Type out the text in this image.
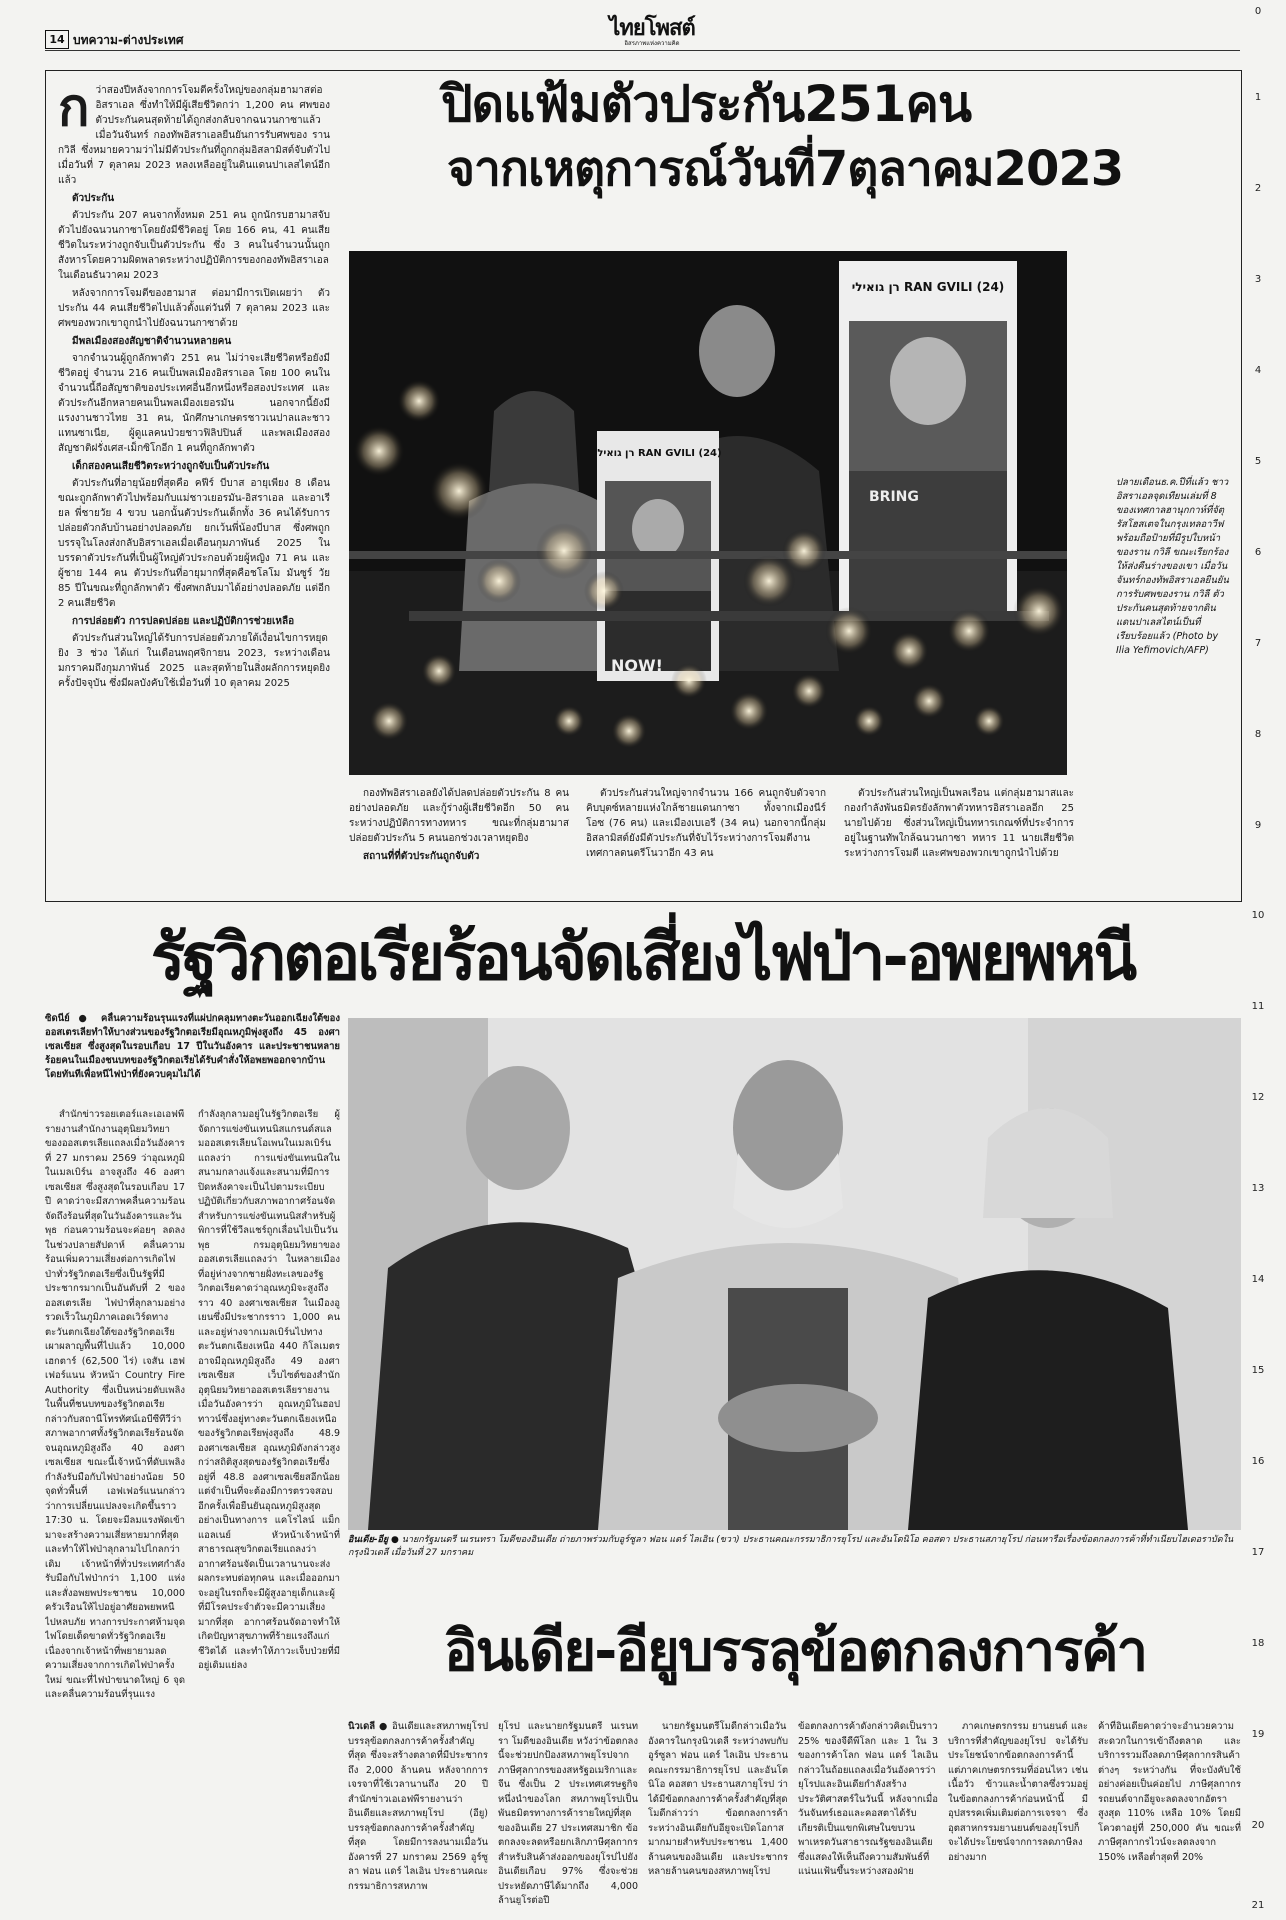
14 บทความ-ต่างประเทศ	ไทยโพสต์
อิสรภาพแห่งความคิด
0
1
2
3
4
5
6
7
8
9
10
11
12
13
14
15
16
17
18
19
20
21

ก ว่าสองปีหลังจากการโจมตีครั้งใหญ่ของกลุ่มฮามาสต่ออิสราเอล ซึ่งทำให้มีผู้เสียชีวิตกว่า 1,200 คน ศพของตัวประกันคนสุดท้ายได้ถูกส่งกลับจากฉนวนกาซาแล้ว เมื่อวันจันทร์ กองทัพอิสราเอลยืนยันการรับศพของ ราน กวิลี ซึ่งหมายความว่าไม่มีตัวประกันที่ถูกกลุ่มอิสลามิสต์จับตัวไปเมื่อวันที่ 7 ตุลาคม 2023 หลงเหลืออยู่ในดินแดนปาเลสไตน์อีกแล้ว

ตัวประกัน

ตัวประกัน 207 คนจากทั้งหมด 251 คน ถูกนักรบฮามาสจับตัวไปยังฉนวนกาซาโดยยังมีชีวิตอยู่ โดย 166 คน, 41 คนเสียชีวิตในระหว่างถูกจับเป็นตัวประกัน ซึ่ง 3 คนในจำนวนนั้นถูกสังหารโดยความผิดพลาดระหว่างปฏิบัติการของกองทัพอิสราเอลในเดือนธันวาคม 2023

หลังจากการโจมตีของฮามาส ต่อมามีการเปิดเผยว่า ตัวประกัน 44 คนเสียชีวิตไปแล้วตั้งแต่วันที่ 7 ตุลาคม 2023 และศพของพวกเขาถูกนำไปยังฉนวนกาซาด้วย

มีพลเมืองสองสัญชาติจำนวนหลายคน

จากจำนวนผู้ถูกลักพาตัว 251 คน ไม่ว่าจะเสียชีวิตหรือยังมีชีวิตอยู่ จำนวน 216 คนเป็นพลเมืองอิสราเอล โดย 100 คนในจำนวนนี้ถือสัญชาติของประเทศอื่นอีกหนึ่งหรือสองประเทศ และตัวประกันอีกหลายคนเป็นพลเมืองเยอรมัน นอกจากนี้ยังมีแรงงานชาวไทย 31 คน, นักศึกษาเกษตรชาวเนปาลและชาวแทนซาเนีย, ผู้ดูแลคนป่วยชาวฟิลิปปินส์ และพลเมืองสองสัญชาติฝรั่งเศส-เม็กซิโกอีก 1 คนที่ถูกลักพาตัว

เด็กสองคนเสียชีวิตระหว่างถูกจับเป็นตัวประกัน

ตัวประกันที่อายุน้อยที่สุดคือ คฟีร์ บีบาส อายุเพียง 8 เดือน ขณะถูกลักพาตัวไปพร้อมกับแม่ชาวเยอรมัน-อิสราเอล และอาเรียล พี่ชายวัย 4 ขวบ นอกนั้นตัวประกันเด็กทั้ง 36 คนได้รับการปล่อยตัวกลับบ้านอย่างปลอดภัย ยกเว้นพี่น้องบีบาส ซึ่งศพถูกบรรจุในโลงส่งกลับอิสราเอลเมื่อเดือนกุมภาพันธ์ 2025 ในบรรดาตัวประกันที่เป็นผู้ใหญ่ตัวประกอบด้วยผู้หญิง 71 คน และผู้ชาย 144 คน ตัวประกันที่อายุมากที่สุดคือชโลโม มันซูร์ วัย 85 ปีในขณะที่ถูกลักพาตัว ซึ่งศพกลับมาได้อย่างปลอดภัย แต่อีก 2 คนเสียชีวิต

การปล่อยตัว การปลดปล่อย และปฏิบัติการช่วยเหลือ

ตัวประกันส่วนใหญ่ได้รับการปล่อยตัวภายใต้เงื่อนไขการหยุดยิง 3 ช่วง ได้แก่ ในเดือนพฤศจิกายน 2023, ระหว่างเดือนมกราคมถึงกุมภาพันธ์ 2025 และสุดท้ายในสิ่งผลักการหยุดยิงครั้งปัจจุบัน ซึ่งมีผลบังคับใช้เมื่อวันที่ 10 ตุลาคม 2025

ปิดแฟ้มตัวประกัน251คน
จากเหตุการณ์วันที่7ตุลาคม2023
רן גואילי RAN GVILI (24)
BRING
רן גואילי RAN GVILI (24)
NOW!
ปลายเดือนธ.ค.ปีที่แล้ว ชาวอิสราเอลจุดเทียนเล่มที่ 8 ของเทศกาลฮานุกกาห์ที่จัตุรัสโฮสเตจในกรุงเทลอาวีฟ พร้อมถือป้ายที่มีรูปใบหน้าของราน กวิลี ขณะเรียกร้องให้ส่งคืนร่างของเขา เมื่อวันจันทร์กองทัพอิสราเอลยืนยันการรับศพของราน กวิลี ตัวประกันคนสุดท้ายจากดินแดนปาเลสไตน์เป็นที่เรียบร้อยแล้ว (Photo by Ilia Yefimovich/AFP)

กองทัพอิสราเอลยังได้ปลดปล่อยตัวประกัน 8 คนอย่างปลอดภัย และกู้ร่างผู้เสียชีวิตอีก 50 คนระหว่างปฏิบัติการทางทหาร ขณะที่กลุ่มฮามาสปล่อยตัวประกัน 5 คนนอกช่วงเวลาหยุดยิง

สถานที่ที่ตัวประกันถูกจับตัว

ตัวประกันส่วนใหญ่จากจำนวน 166 คนถูกจับตัวจากคิบบุตซ์หลายแห่งใกล้ชายแดนกาซา ทั้งจากเมืองนีร์ โอซ (76 คน) และเมืองเบเอรี (34 คน) นอกจากนี้กลุ่มอิสลามิสต์ยังมีตัวประกันที่จับไว้ระหว่างการโจมตีงานเทศกาลดนตรีโนวาอีก 43 คน

ตัวประกันส่วนใหญ่เป็นพลเรือน แต่กลุ่มฮามาสและกองกำลังพันธมิตรยังลักพาตัวทหารอิสราเอลอีก 25 นายไปด้วย ซึ่งส่วนใหญ่เป็นทหารเกณฑ์ที่ประจำการอยู่ในฐานทัพใกล้ฉนวนกาซา ทหาร 11 นายเสียชีวิตระหว่างการโจมตี และศพของพวกเขาถูกนำไปด้วย

รัฐวิกตอเรียร้อนจัดเสี่ยงไฟป่า-อพยพหนี
ซิดนีย์ ● คลื่นความร้อนรุนแรงที่แผ่ปกคลุมทางตะวันออกเฉียงใต้ของออสเตรเลียทำให้บางส่วนของรัฐวิกตอเรียมีอุณหภูมิพุ่งสูงถึง 45 องศาเซลเซียส ซึ่งสูงสุดในรอบเกือบ 17 ปีในวันอังคาร และประชาชนหลายร้อยคนในเมืองชนบทของรัฐวิกตอเรียได้รับคำสั่งให้อพยพออกจากบ้านโดยทันทีเพื่อหนีไฟป่าที่ยังควบคุมไม่ได้

สำนักข่าวรอยเตอร์และเอเอฟพีรายงานสำนักงานอุตุนิยมวิทยาของออสเตรเลียแถลงเมื่อวันอังคารที่ 27 มกราคม 2569 ว่าอุณหภูมิในเมลเบิร์น อาจสูงถึง 46 องศาเซลเซียส ซึ่งสูงสุดในรอบเกือบ 17 ปี คาดว่าจะมีสภาพคลื่นความร้อนจัดถึงร้อนที่สุดในวันอังคารและวันพุธ ก่อนความร้อนจะค่อยๆ ลดลงในช่วงปลายสัปดาห์ คลื่นความร้อนเพิ่มความเสี่ยงต่อการเกิดไฟป่าทั่วรัฐวิกตอเรียซึ่งเป็นรัฐที่มีประชากรมากเป็นอันดับที่ 2 ของออสเตรเลีย ไฟป่าที่ลุกลามอย่างรวดเร็วในภูมิภาคเอดเวิร์ดทางตะวันตกเฉียงใต้ของรัฐวิกตอเรีย เผาผลาญพื้นที่ไปแล้ว 10,000 เฮกตาร์ (62,500 ไร่) เจสัน เฮฟเฟอร์แนน หัวหน้า Country Fire Authority ซึ่งเป็นหน่วยดับเพลิงในพื้นที่ชนบทของรัฐวิกตอเรียกล่าวกับสถานีโทรทัศน์เอบีซีทีวีว่า สภาพอากาศทั้งรัฐวิกตอเรียร้อนจัดจนอุณหภูมิสูงถึง 40 องศาเซลเซียส ขณะนี้เจ้าหน้าที่ดับเพลิงกำลังรับมือกับไฟป่าอย่างน้อย 50 จุดทั่วพื้นที่ เอฟเฟอร์แนนกล่าวว่าการเปลี่ยนแปลงจะเกิดขึ้นราว 17:30 น. โดยจะมีลมแรงพัดเข้ามาจะสร้างความเสี่ยหายมากที่สุด และทำให้ไฟป่าลุกลามไปไกลกว่าเดิม เจ้าหน้าที่ทั่วประเทศกำลังรับมือกับไฟป่ากว่า 1,100 แห่ง และสั่งอพยพประชาชน 10,000 ครัวเรือนให้ไปอยู่อาศัยอพยพหนีไปหลบภัย ทางการประกาศห้ามจุดไฟโดยเด็ดขาดทั่วรัฐวิกตอเรียเนื่องจากเจ้าหน้าที่พยายามลดความเสี่ยงจากการเกิดไฟป่าครั้งใหม่ ขณะที่ไฟป่าขนาดใหญ่ 6 จุดและคลื่นความร้อนที่รุนแรง

กำลังลุกลามอยู่ในรัฐวิกตอเรีย ผู้จัดการแข่งขันเทนนิสแกรนด์สแลมออสเตรเลียนโอเพนในเมลเบิร์นแถลงว่า การแข่งขันเทนนิสในสนามกลางแจ้งและสนามที่มีการปิดหลังคาจะเป็นไปตามระเบียบปฏิบัติเกี่ยวกับสภาพอากาศร้อนจัด สำหรับการแข่งขันเทนนิสสำหรับผู้พิการที่ใช้วีลแชร์ถูกเลื่อนไปเป็นวันพุธ กรมอุตุนิยมวิทยาของออสเตรเลียแถลงว่า ในหลายเมืองที่อยู่ห่างจากชายฝั่งทะเลของรัฐวิกตอเรียคาดว่าอุณหภูมิจะสูงถึงราว 40 องศาเซลเซียส ในเมืองอูเยนซึ่งมีประชากรราว 1,000 คน และอยู่ห่างจากเมลเบิร์นไปทางตะวันตกเฉียงเหนือ 440 กิโลเมตร อาจมีอุณหภูมิสูงถึง 49 องศาเซลเซียส เว็บไซต์ของสำนักอุตุนิยมวิทยาออสเตรเลียรายงานเมื่อวันอังคารว่า อุณหภูมิในฮอปทาวน์ซึ่งอยู่ทางตะวันตกเฉียงเหนือของรัฐวิกตอเรียพุ่งสูงถึง 48.9 องศาเซลเซียส อุณหภูมิดังกล่าวสูงกว่าสถิติสูงสุดของรัฐวิกตอเรียซึ่งอยู่ที่ 48.8 องศาเซลเซียสอีกน้อย แต่จำเป็นที่จะต้องมีการตรวจสอบอีกครั้งเพื่อยืนยันอุณหภูมิสูงสุดอย่างเป็นทางการ แคโรไลน์ แม็กแอลเนย์ หัวหน้าเจ้าหน้าที่สาธารณสุขวิกตอเรียแถลงว่า อากาศร้อนจัดเป็นเวลานานจะส่งผลกระทบต่อทุกคน และเมื่อออกมาจะอยู่ในรถก็จะมีผู้สูงอายุเด็กและผู้ที่มีโรคประจำตัวจะมีความเสี่ยงมากที่สุด อากาศร้อนจัดอาจทำให้เกิดปัญหาสุขภาพที่ร้ายแรงถึงแก่ชีวิตได้ และทำให้ภาวะเจ็บป่วยที่มีอยู่เดิมแย่ลง

อินเดีย-อียู ● นายกรัฐมนตรี นเรนทรา โมดีของอินเดีย ถ่ายภาพร่วมกับอูร์ซูลา ฟอน แดร์ ไลเอิน (ขวา) ประธานคณะกรรมาธิการยุโรป และอันโตนิโอ คอสตา ประธานสภายุโรป ก่อนหารือเรื่องข้อตกลงการค้าที่ทำเนียบไฮเดอราบัดในกรุงนิวเดลี เมื่อวันที่ 27 มกราคม
อินเดีย-อียูบรรลุข้อตกลงการค้า

นิวเดลี ● อินเดียและสหภาพยุโรปบรรลุข้อตกลงการค้าครั้งสำคัญที่สุด ซึ่งจะสร้างตลาดที่มีประชากรถึง 2,000 ล้านคน หลังจากการเจรจาที่ใช้เวลานานถึง 20 ปี สำนักข่าวเอเอฟพีรายงานว่า อินเดียและสหภาพยุโรป (อียู) บรรลุข้อตกลงการค้าครั้งสำคัญที่สุด โดยมีการลงนามเมื่อวันอังคารที่ 27 มกราคม 2569 อูร์ซูลา ฟอน แดร์ ไลเอิน ประธานคณะกรรมาธิการสหภาพ

ยุโรป และนายกรัฐมนตรี นเรนทรา โมดีของอินเดีย หวังว่าข้อตกลงนี้จะช่วยปกป้องสหภาพยุโรปจากภาษีศุลกากรของสหรัฐอเมริกาและจีน ซึ่งเป็น 2 ประเทศเศรษฐกิจหนึ่งนำของโลก สหภาพยุโรปเป็นพันธมิตรทางการค้ารายใหญ่ที่สุดของอินเดีย 27 ประเทศสมาชิก ข้อตกลงจะลดหรือยกเลิกภาษีศุลกากรสำหรับสินค้าส่งออกของยุโรปไปยังอินเดียเกือบ 97% ซึ่งจะช่วยประหยัดภาษีได้มากถึง 4,000 ล้านยูโรต่อปี

นายกรัฐมนตรีโมดีกล่าวเมื่อวันอังคารในกรุงนิวเดลี ระหว่างพบกับอูร์ซูลา ฟอน แดร์ ไลเอิน ประธานคณะกรรมาธิการยุโรป และอันโตนิโอ คอสตา ประธานสภายุโรป ว่าได้มีข้อตกลงการค้าครั้งสำคัญที่สุด โมดีกล่าวว่า ข้อตกลงการค้าระหว่างอินเดียกับอียูจะเปิดโอกาสมากมายสำหรับประชาชน 1,400 ล้านคนของอินเดีย และประชากรหลายล้านคนของสหภาพยุโรป

ข้อตกลงการค้าดังกล่าวคิดเป็นราว 25% ของจีดีพีโลก และ 1 ใน 3 ของการค้าโลก ฟอน แดร์ ไลเอิน กล่าวในถ้อยแถลงเมื่อวันอังคารว่า ยุโรปและอินเดียกำลังสร้างประวัติศาสตร์ในวันนี้ หลังจากเมื่อวันจันทร์เธอและคอสตาได้รับเกียรติเป็นแขกพิเศษในขบวนพาเหรดวันสาธารณรัฐของอินเดีย ซึ่งแสดงให้เห็นถึงความสัมพันธ์ที่แน่นแฟ้นขึ้นระหว่างสองฝ่าย

ภาคเกษตรกรรม ยานยนต์ และบริการที่สำคัญของยุโรป จะได้รับประโยชน์จากข้อตกลงการค้านี้ แต่ภาคเกษตรกรรมที่อ่อนไหว เช่น เนื้อวัว ข้าวและน้ำตาลซึ่งรวมอยู่ในข้อตกลงการค้าก่อนหน้านี้ มีอุปสรรคเพิ่มเติมต่อการเจรจา ซึ่งอุตสาหกรรมยานยนต์ของยุโรปก็จะได้ประโยชน์จากการลดภาษีลงอย่างมาก

ค้าที่อินเดียคาดว่าจะอำนวยความสะดวกในการเข้าถึงตลาด และบริการรวมถึงลดภาษีศุลกากรสินค้าต่างๆ ระหว่างกัน ที่จะบังคับใช้อย่างค่อยเป็นค่อยไป ภาษีศุลกากรรถยนต์จากอียูจะลดลงจากอัตราสูงสุด 110% เหลือ 10% โดยมีโควตาอยู่ที่ 250,000 คัน ขณะที่ภาษีศุลกากรไวน์จะลดลงจาก 150% เหลือต่ำสุดที่ 20%
